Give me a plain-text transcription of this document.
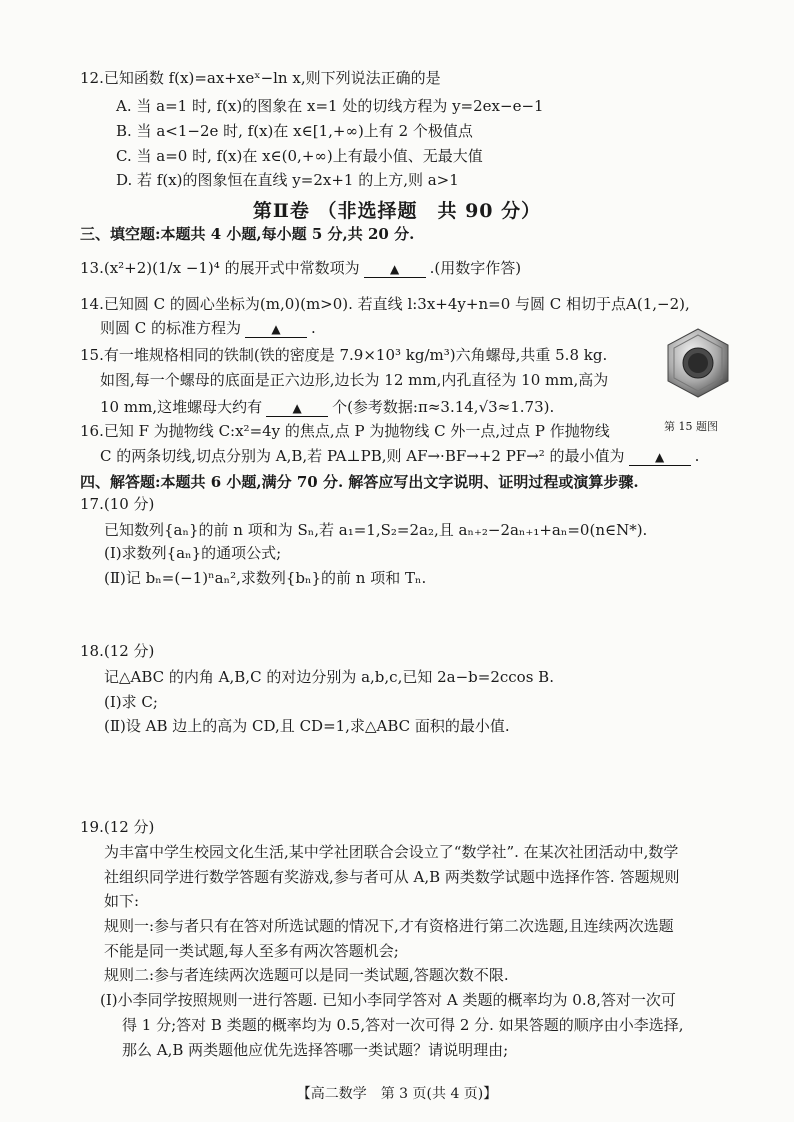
12.已知函数 f(x)=ax+xeˣ−ln x,则下列说法正确的是
A. 当 a=1 时, f(x)的图象在 x=1 处的切线方程为 y=2ex−e−1
B. 当 a<1−2e 时, f(x)在 x∈[1,+∞)上有 2 个极值点
C. 当 a=0 时, f(x)在 x∈(0,+∞)上有最小值、无最大值
D. 若 f(x)的图象恒在直线 y=2x+1 的上方,则 a>1
第Ⅱ卷 （非选择题　共 90 分）
三、填空题:本题共 4 小题,每小题 5 分,共 20 分.
13.(x²+2)(1/x −1)⁴ 的展开式中常数项为	▲ .(用数字作答)
14.已知圆 C 的圆心坐标为(m,0)(m>0). 若直线 l:3x+4y+n=0 与圆 C 相切于点A(1,−2),
则圆 C 的标准方程为	▲ .
15.有一堆规格相同的铁制(铁的密度是 7.9×10³ kg/m³)六角螺母,共重 5.8 kg.
如图,每一个螺母的底面是正六边形,边长为 12 mm,内孔直径为 10 mm,高为
10 mm,这堆螺母大约有	▲ 个(参考数据:π≈3.14,√3≈1.73).
第 15 题图
16.已知 F 为抛物线 C:x²=4y 的焦点,点 P 为抛物线 C 外一点,过点 P 作抛物线
C 的两条切线,切点分别为 A,B,若 PA⊥PB,则 AF→·BF→+2 PF→² 的最小值为	▲ .
四、解答题:本题共 6 小题,满分 70 分. 解答应写出文字说明、证明过程或演算步骤.
17.(10 分)
已知数列{aₙ}的前 n 项和为 Sₙ,若 a₁=1,S₂=2a₂,且 aₙ₊₂−2aₙ₊₁+aₙ=0(n∈N*).
(Ⅰ)求数列{aₙ}的通项公式;
(Ⅱ)记 bₙ=(−1)ⁿaₙ²,求数列{bₙ}的前 n 项和 Tₙ.
18.(12 分)
记△ABC 的内角 A,B,C 的对边分别为 a,b,c,已知 2a−b=2ccos B.
(Ⅰ)求 C;
(Ⅱ)设 AB 边上的高为 CD,且 CD=1,求△ABC 面积的最小值.
19.(12 分)
为丰富中学生校园文化生活,某中学社团联合会设立了“数学社”. 在某次社团活动中,数学
社组织同学进行数学答题有奖游戏,参与者可从 A,B 两类数学试题中选择作答. 答题规则
如下:
规则一:参与者只有在答对所选试题的情况下,才有资格进行第二次选题,且连续两次选题
不能是同一类试题,每人至多有两次答题机会;
规则二:参与者连续两次选题可以是同一类试题,答题次数不限.
(Ⅰ)小李同学按照规则一进行答题. 已知小李同学答对 A 类题的概率均为 0.8,答对一次可
得 1 分;答对 B 类题的概率均为 0.5,答对一次可得 2 分. 如果答题的顺序由小李选择,
那么 A,B 两类题他应优先选择答哪一类试题？请说明理由;
【高二数学　第 3 页(共 4 页)】
